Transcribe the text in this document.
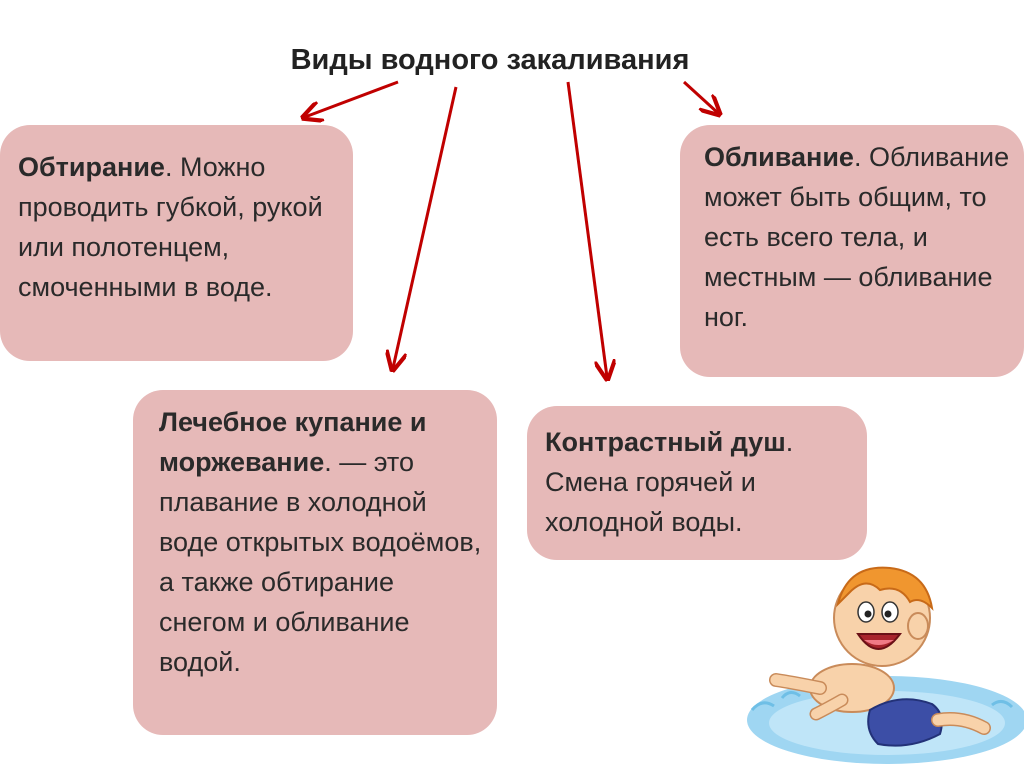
Виды водного закаливания
Обтирание. Можно проводить губкой, рукой или полотенцем, смоченными в воде.
Обливание. Обливание может быть общим, то есть всего тела, и местным — обливание ног.
Лечебное купание и моржевание. — это плавание в холодной воде открытых водоёмов, а также обтирание снегом и обливание водой.
Контрастный душ. Смена горячей и холодной воды.
